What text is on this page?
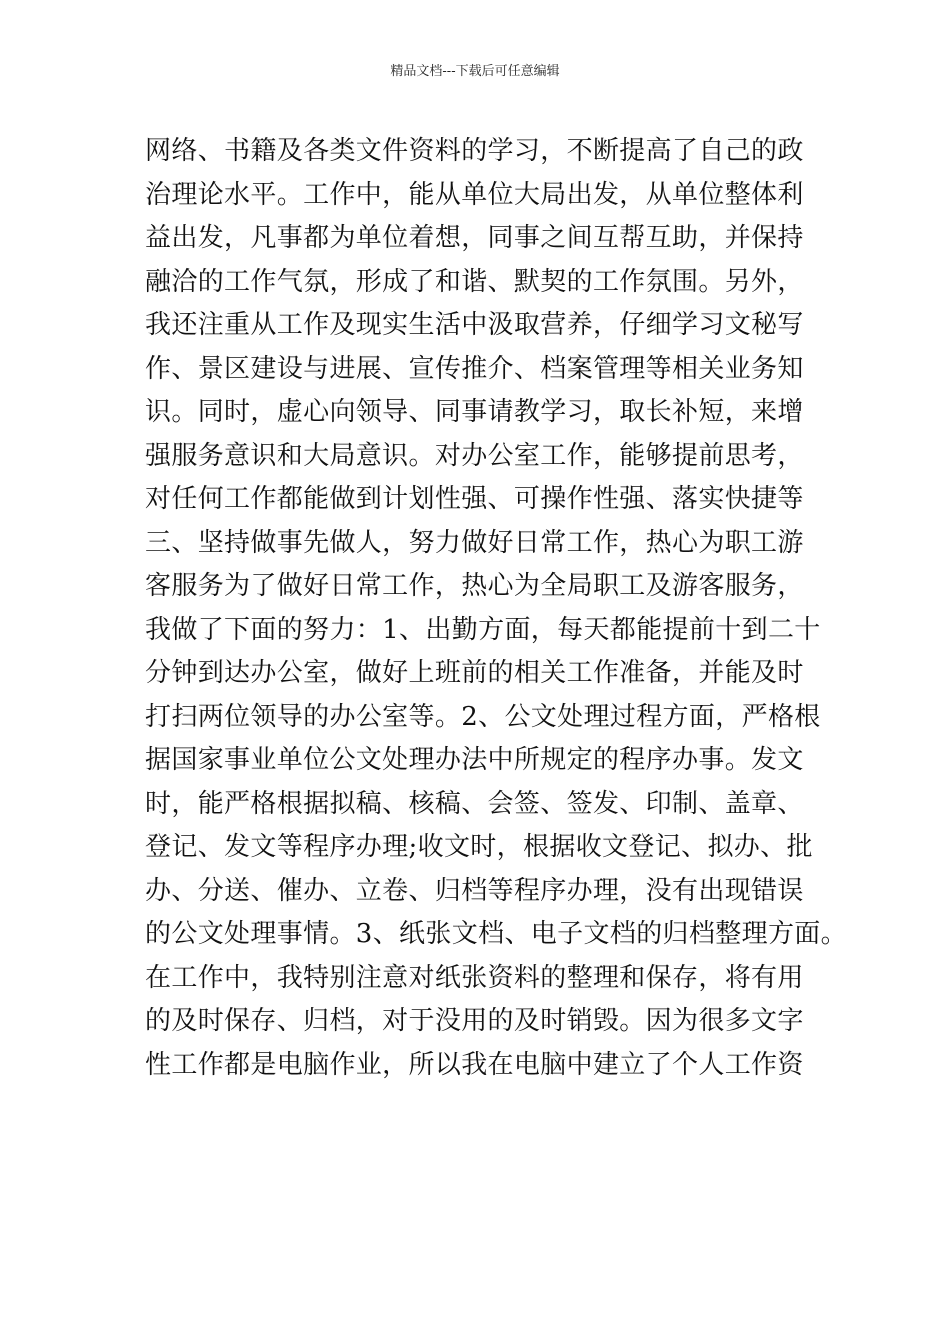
精品文档---下载后可任意编辑
网络、书籍及各类文件资料的学习，不断提高了自己的政
治理论水平。工作中，能从单位大局出发，从单位整体利
益出发，凡事都为单位着想，同事之间互帮互助，并保持
融洽的工作气氛，形成了和谐、默契的工作氛围。另外，
我还注重从工作及现实生活中汲取营养，仔细学习文秘写
作、景区建设与进展、宣传推介、档案管理等相关业务知
识。同时，虚心向领导、同事请教学习，取长补短，来增
强服务意识和大局意识。对办公室工作，能够提前思考，
对任何工作都能做到计划性强、可操作性强、落实快捷等
三、坚持做事先做人，努力做好日常工作，热心为职工游
客服务为了做好日常工作，热心为全局职工及游客服务，
我做了下面的努力：1、出勤方面，每天都能提前十到二十
分钟到达办公室，做好上班前的相关工作准备，并能及时
打扫两位领导的办公室等。2、公文处理过程方面，严格根
据国家事业单位公文处理办法中所规定的程序办事。发文
时，能严格根据拟稿、核稿、会签、签发、印制、盖章、
登记、发文等程序办理;收文时，根据收文登记、拟办、批
办、分送、催办、立卷、归档等程序办理，没有出现错误
的公文处理事情。3、纸张文档、电子文档的归档整理方面。
在工作中，我特别注意对纸张资料的整理和保存，将有用
的及时保存、归档，对于没用的及时销毁。因为很多文字
性工作都是电脑作业，所以我在电脑中建立了个人工作资
